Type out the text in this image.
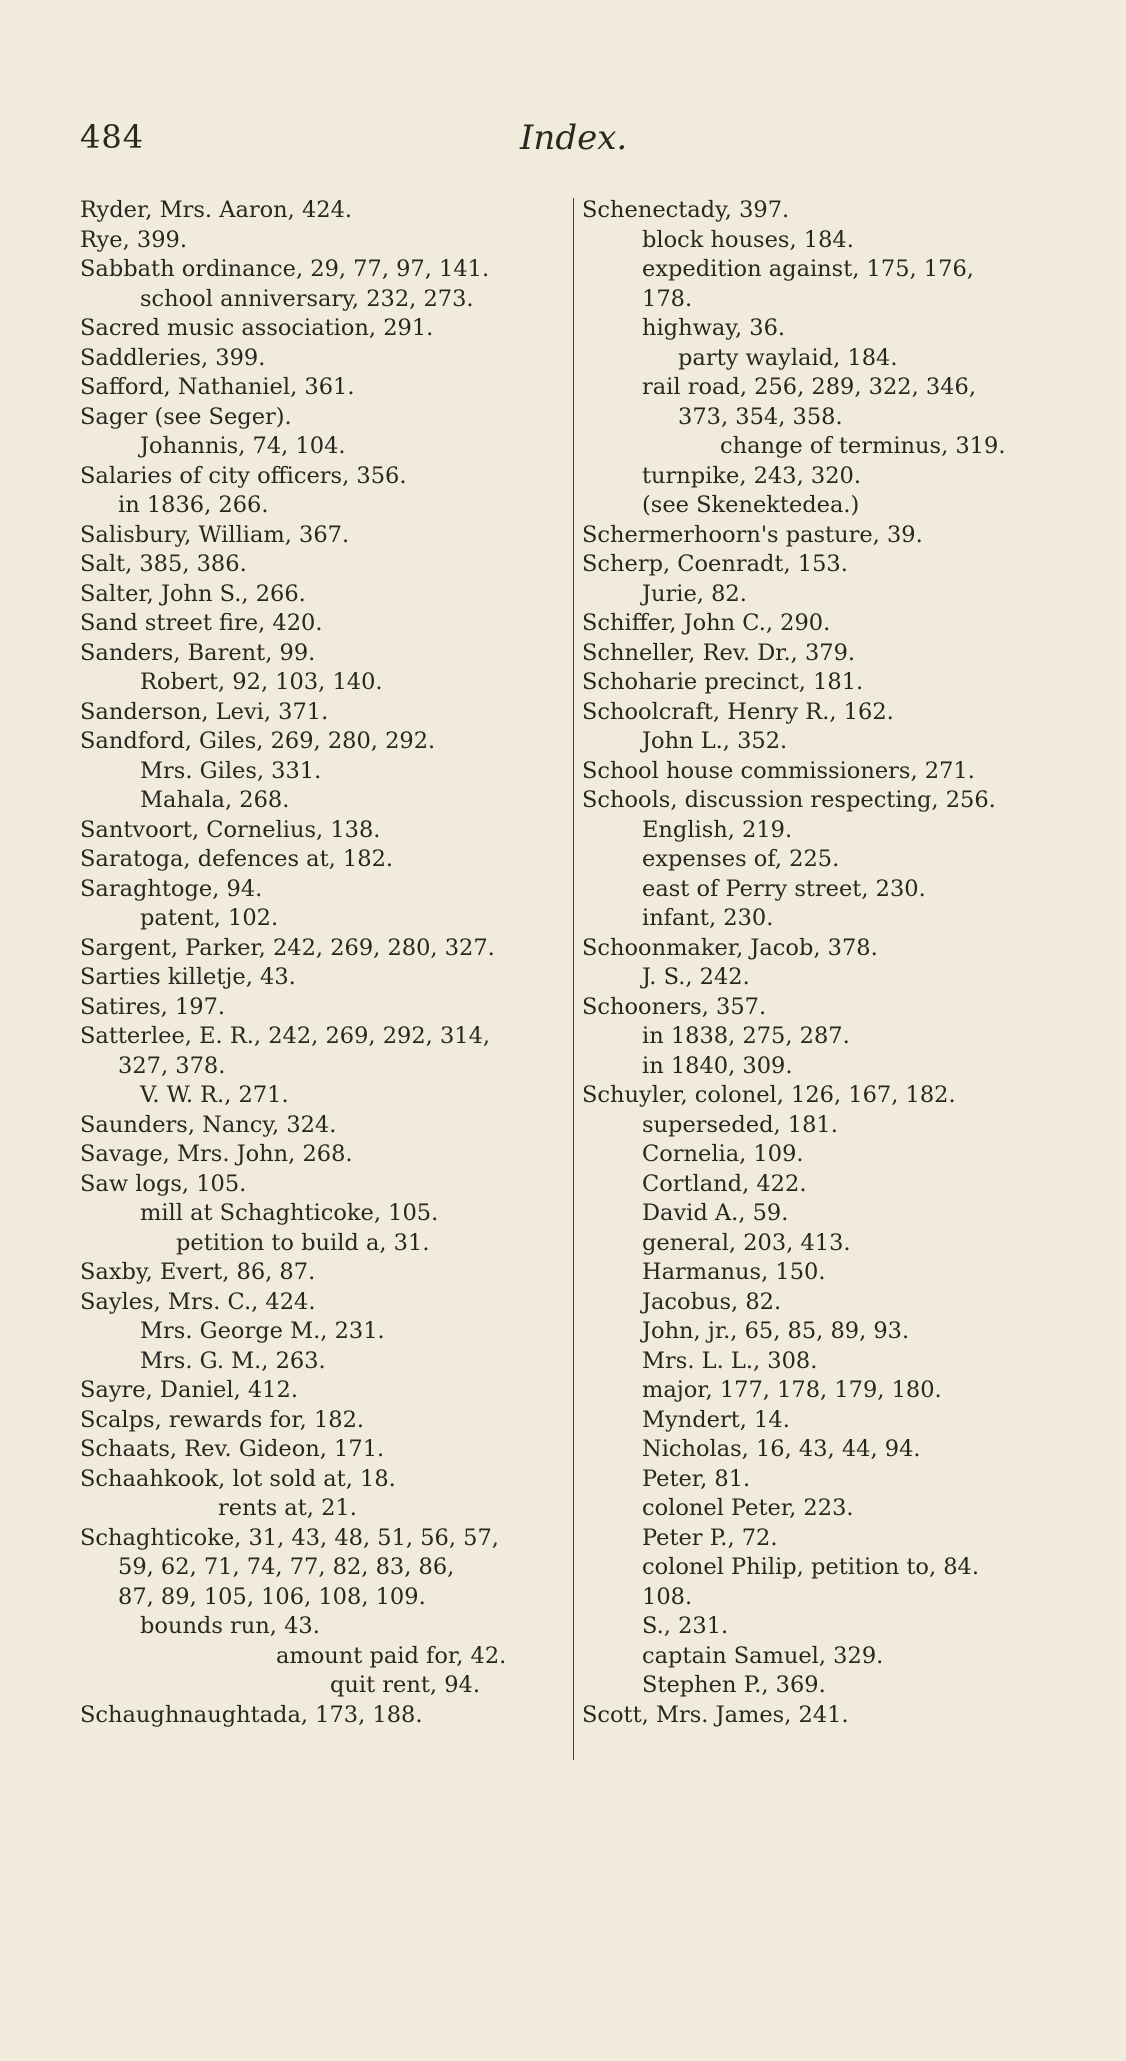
484	Index.
Ryder, Mrs. Aaron, 424.
Rye, 399.
Sabbath ordinance, 29, 77, 97, 141.
school anniversary, 232, 273.
Sacred music association, 291.
Saddleries, 399.
Safford, Nathaniel, 361.
Sager (see Seger).
Johannis, 74, 104.
Salaries of city officers, 356.
in 1836, 266.
Salisbury, William, 367.
Salt, 385, 386.
Salter, John S., 266.
Sand street fire, 420.
Sanders, Barent, 99.
Robert, 92, 103, 140.
Sanderson, Levi, 371.
Sandford, Giles, 269, 280, 292.
Mrs. Giles, 331.
Mahala, 268.
Santvoort, Cornelius, 138.
Saratoga, defences at, 182.
Saraghtoge, 94.
patent, 102.
Sargent, Parker, 242, 269, 280, 327.
Sarties killetje, 43.
Satires, 197.
Satterlee, E. R., 242, 269, 292, 314,
327, 378.
V. W. R., 271.
Saunders, Nancy, 324.
Savage, Mrs. John, 268.
Saw logs, 105.
mill at Schaghticoke, 105.
petition to build a, 31.
Saxby, Evert, 86, 87.
Sayles, Mrs. C., 424.
Mrs. George M., 231.
Mrs. G. M., 263.
Sayre, Daniel, 412.
Scalps, rewards for, 182.
Schaats, Rev. Gideon, 171.
Schaahkook, lot sold at, 18.
rents at, 21.
Schaghticoke, 31, 43, 48, 51, 56, 57,
59, 62, 71, 74, 77, 82, 83, 86,
87, 89, 105, 106, 108, 109.
bounds run, 43.
amount paid for, 42.
quit rent, 94.
Schaughnaughtada, 173, 188.
Schenectady, 397.
block houses, 184.
expedition against, 175, 176,
178.
highway, 36.
party waylaid, 184.
rail road, 256, 289, 322, 346,
373, 354, 358.
change of terminus, 319.
turnpike, 243, 320.
(see Skenektedea.)
Schermerhoorn's pasture, 39.
Scherp, Coenradt, 153.
Jurie, 82.
Schiffer, John C., 290.
Schneller, Rev. Dr., 379.
Schoharie precinct, 181.
Schoolcraft, Henry R., 162.
John L., 352.
School house commissioners, 271.
Schools, discussion respecting, 256.
English, 219.
expenses of, 225.
east of Perry street, 230.
infant, 230.
Schoonmaker, Jacob, 378.
J. S., 242.
Schooners, 357.
in 1838, 275, 287.
in 1840, 309.
Schuyler, colonel, 126, 167, 182.
superseded, 181.
Cornelia, 109.
Cortland, 422.
David A., 59.
general, 203, 413.
Harmanus, 150.
Jacobus, 82.
John, jr., 65, 85, 89, 93.
Mrs. L. L., 308.
major, 177, 178, 179, 180.
Myndert, 14.
Nicholas, 16, 43, 44, 94.
Peter, 81.
colonel Peter, 223.
Peter P., 72.
colonel Philip, petition to, 84.
108.
S., 231.
captain Samuel, 329.
Stephen P., 369.
Scott, Mrs. James, 241.
